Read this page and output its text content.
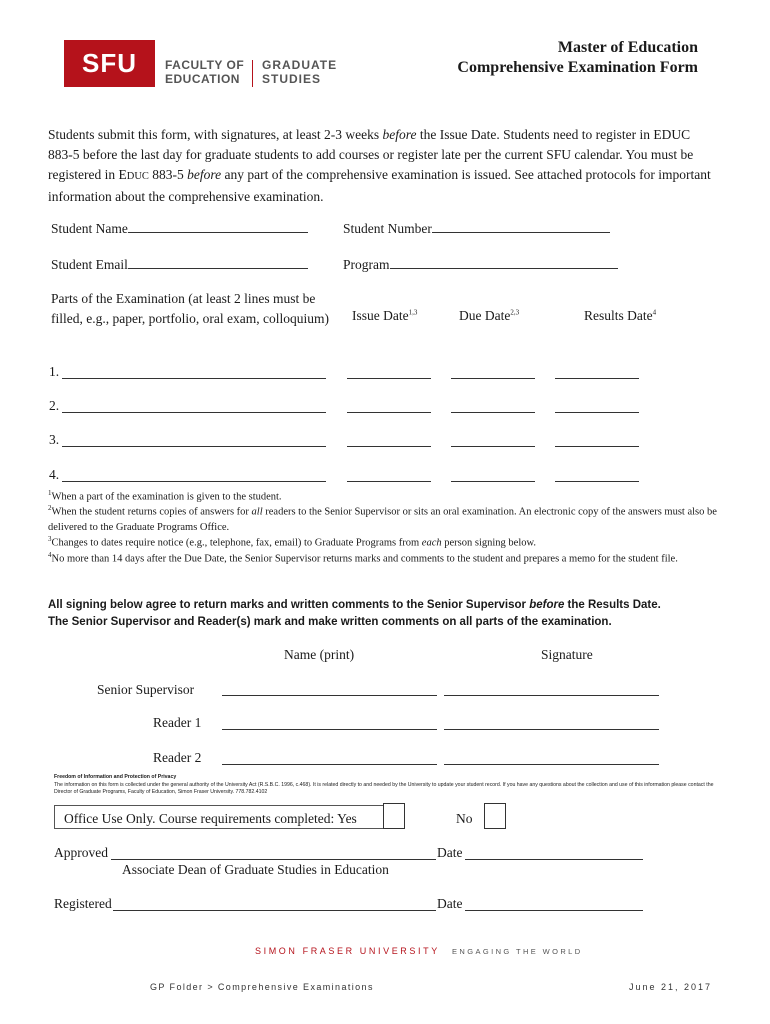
SFU	FACULTY OF
EDUCATION
GRADUATE
STUDIES
Master of Education
Comprehensive Examination Form
Students submit this form, with signatures, at least 2-3 weeks before the Issue Date. Students need to register in EDUC 883-5 before the last day for graduate students to add courses or register late per the current SFU calendar. You must be registered in EDUC 883-5 before any part of the comprehensive examination is issued. See attached protocols for important information about the comprehensive examination.
Student Name	Student Number
Student Email	Program
Parts of the Examination (at least 2 lines must be filled, e.g., paper, portfolio, oral exam, colloquium)	Issue Date$^{1,3}$	Due Date$^{2,3}$	Results Date$^4$
1.
2.
3.
4.
$^1$When a part of the examination is given to the student.
$^2$When the student returns copies of answers for all readers to the Senior Supervisor or sits an oral examination. An electronic copy of the answers must also be delivered to the Graduate Programs Office.
$^3$Changes to dates require notice (e.g., telephone, fax, email) to Graduate Programs from each person signing below.
$^4$No more than 14 days after the Due Date, the Senior Supervisor returns marks and comments to the student and prepares a memo for the student file.
All signing below agree to return marks and written comments to the Senior Supervisor before the Results Date.
The Senior Supervisor and Reader(s) mark and make written comments on all parts of the examination.
Name (print)	Signature
Senior Supervisor
Reader 1
Reader 2
Freedom of Information and Protection of Privacy
The information on this form is collected under the general authority of the University Act (R.S.B.C. 1996, c.468). It is related directly to and needed by the University to update your student record. If you have any questions about the collection and use of this information please contact the Director of Graduate Programs, Faculty of Education, Simon Fraser University. 778.782.4102
Office Use Only. Course requirements completed: Yes	No
Approved	Date
Associate Dean of Graduate Studies in Education
Registered	Date
SIMON FRASER UNIVERSITY ENGAGING THE WORLD
GP Folder > Comprehensive Examinations	June 21, 2017
